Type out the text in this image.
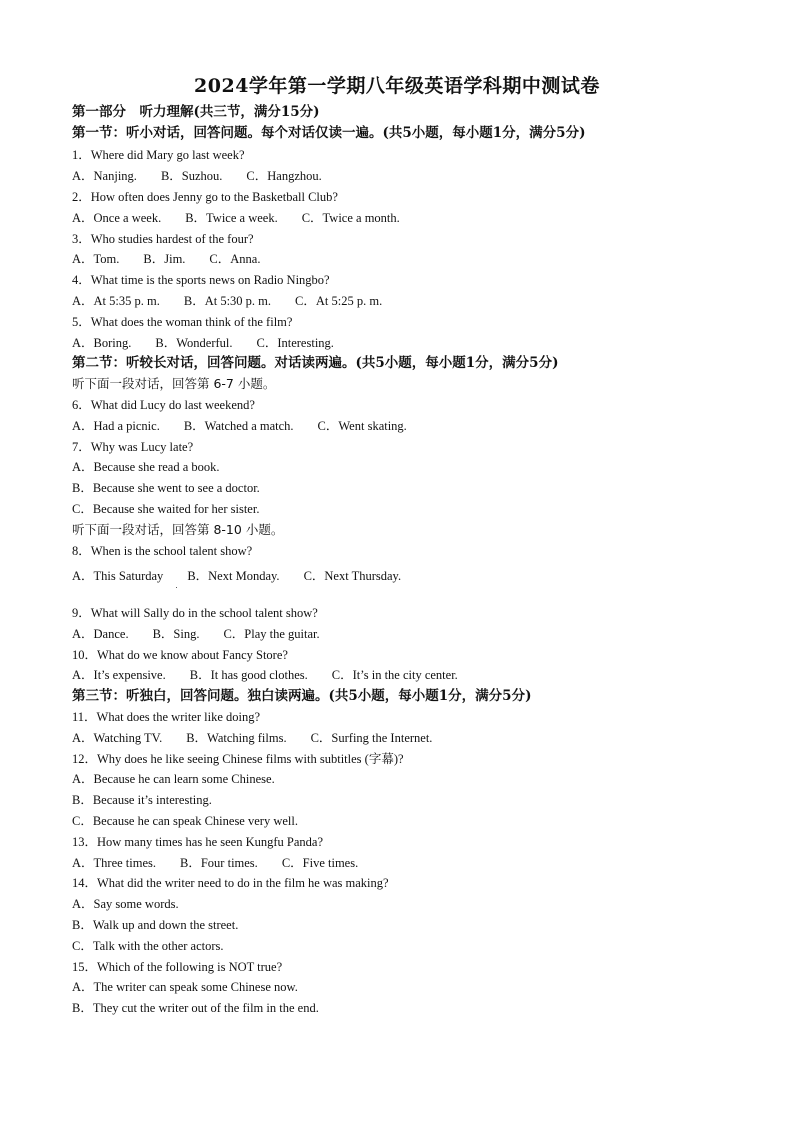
2024学年第一学期八年级英语学科期中测试卷
第一部分　听力理解(共三节，满分15分)
第一节：听小对话，回答问题。每个对话仅读一遍。(共5小题，每小题1分，满分5分)
1．Where did Mary go last week?
A．Nanjing. B．Suzhou. C．Hangzhou.
2．How often does Jenny go to the Basketball Club?
A．Once a week. B．Twice a week. C．Twice a month.
3．Who studies hardest of the four?
A．Tom. B．Jim. C．Anna.
4．What time is the sports news on Radio Ningbo?
A．At 5:35 p. m. B．At 5:30 p. m. C．At 5:25 p. m.
5．What does the woman think of the film?
A．Boring. B．Wonderful. C．Interesting.
第二节：听较长对话，回答问题。对话读两遍。(共5小题，每小题1分，满分5分)
听下面一段对话，回答第 6-7 小题。
6．What did Lucy do last weekend?
A．Had a picnic. B．Watched a match. C．Went skating.
7．Why was Lucy late?
A．Because she read a book.
B．Because she went to see a doctor.
C．Because she waited for her sister.
听下面一段对话，回答第 8-10 小题。
8．When is the school talent show?
A．This Saturday B．Next Monday. C．Next Thursday.
9．What will Sally do in the school talent show?
A．Dance. B．Sing. C．Play the guitar.
10．What do we know about Fancy Store?
A．It’s expensive. B．It has good clothes. C．It’s in the city center.
第三节：听独白，回答问题。独白读两遍。(共5小题，每小题1分，满分5分)
11．What does the writer like doing?
A．Watching TV. B．Watching films. C．Surfing the Internet.
12．Why does he like seeing Chinese films with subtitles (字幕)?
A．Because he can learn some Chinese.
B．Because it’s interesting.
C．Because he can speak Chinese very well.
13．How many times has he seen Kungfu Panda?
A．Three times. B．Four times. C．Five times.
14．What did the writer need to do in the film he was making?
A．Say some words.
B．Walk up and down the street.
C．Talk with the other actors.
15．Which of the following is NOT true?
A．The writer can speak some Chinese now.
B．They cut the writer out of the film in the end.
